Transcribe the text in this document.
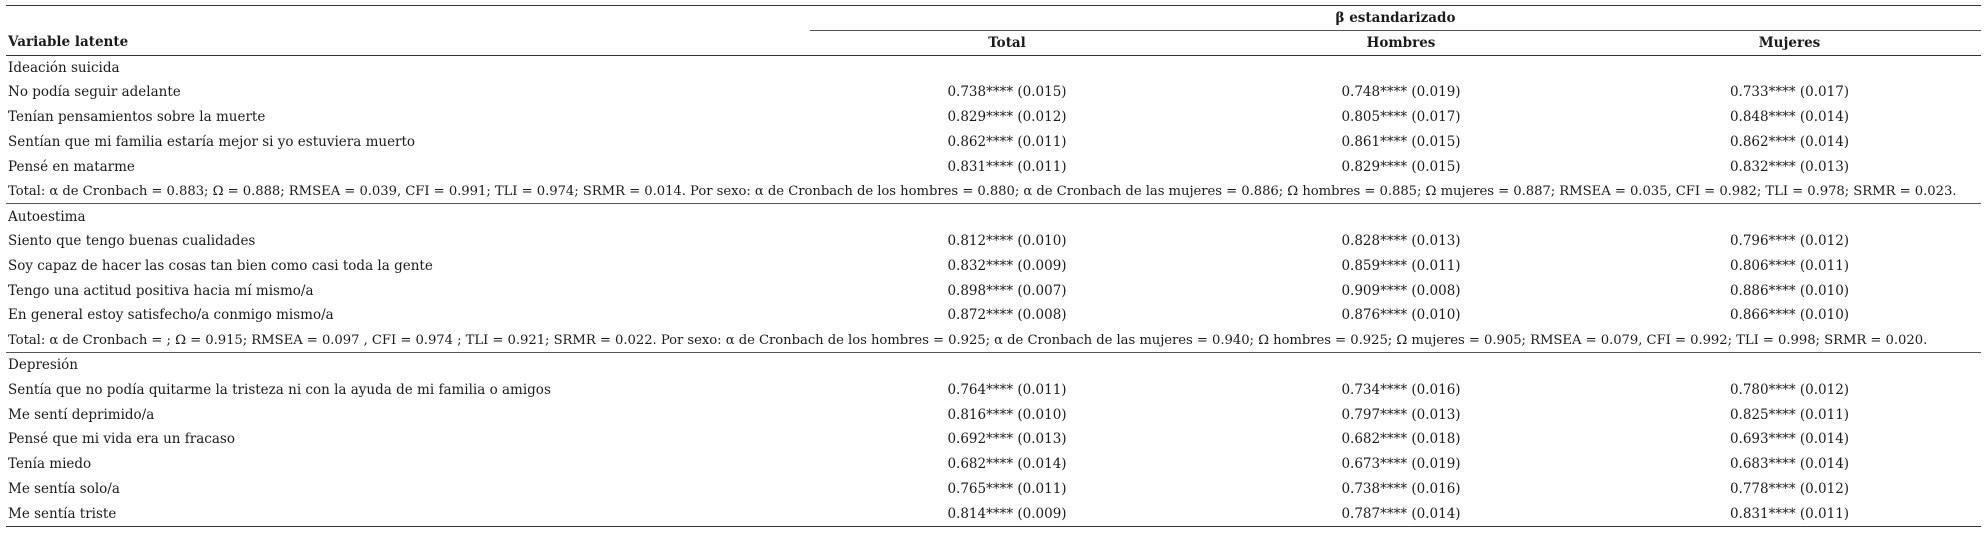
	β estandarizado		
Variable latente	Total	Hombres	Mujeres
Ideación suicida			
No podía seguir adelante	0.738**** (0.015)	0.748**** (0.019)	0.733**** (0.017)
Tenían pensamientos sobre la muerte	0.829**** (0.012)	0.805**** (0.017)	0.848**** (0.014)
Sentían que mi familia estaría mejor si yo estuviera muerto	0.862**** (0.011)	0.861**** (0.015)	0.862**** (0.014)
Pensé en matarme	0.831**** (0.011)	0.829**** (0.015)	0.832**** (0.013)
Total: α de Cronbach = 0.883; Ω = 0.888; RMSEA = 0.039, CFI = 0.991; TLI = 0.974; SRMR = 0.014. Por sexo: α de Cronbach de los hombres = 0.880; α de Cronbach de las mujeres = 0.886; Ω hombres = 0.885; Ω mujeres = 0.887; RMSEA = 0.035, CFI = 0.982; TLI = 0.978; SRMR = 0.023.			
Autoestima			
Siento que tengo buenas cualidades	0.812**** (0.010)	0.828**** (0.013)	0.796**** (0.012)
Soy capaz de hacer las cosas tan bien como casi toda la gente	0.832**** (0.009)	0.859**** (0.011)	0.806**** (0.011)
Tengo una actitud positiva hacia mí mismo/a	0.898**** (0.007)	0.909**** (0.008)	0.886**** (0.010)
En general estoy satisfecho/a conmigo mismo/a	0.872**** (0.008)	0.876**** (0.010)	0.866**** (0.010)
Total: α de Cronbach = ; Ω = 0.915; RMSEA = 0.097 , CFI = 0.974 ; TLI = 0.921; SRMR = 0.022. Por sexo: α de Cronbach de los hombres = 0.925; α de Cronbach de las mujeres = 0.940; Ω hombres = 0.925; Ω mujeres = 0.905; RMSEA = 0.079, CFI = 0.992; TLI = 0.998; SRMR = 0.020.			
Depresión			
Sentía que no podía quitarme la tristeza ni con la ayuda de mi familia o amigos	0.764**** (0.011)	0.734**** (0.016)	0.780**** (0.012)
Me sentí deprimido/a	0.816**** (0.010)	0.797**** (0.013)	0.825**** (0.011)
Pensé que mi vida era un fracaso	0.692**** (0.013)	0.682**** (0.018)	0.693**** (0.014)
Tenía miedo	0.682**** (0.014)	0.673**** (0.019)	0.683**** (0.014)
Me sentía solo/a	0.765**** (0.011)	0.738**** (0.016)	0.778**** (0.012)
Me sentía triste	0.814**** (0.009)	0.787**** (0.014)	0.831**** (0.011)
